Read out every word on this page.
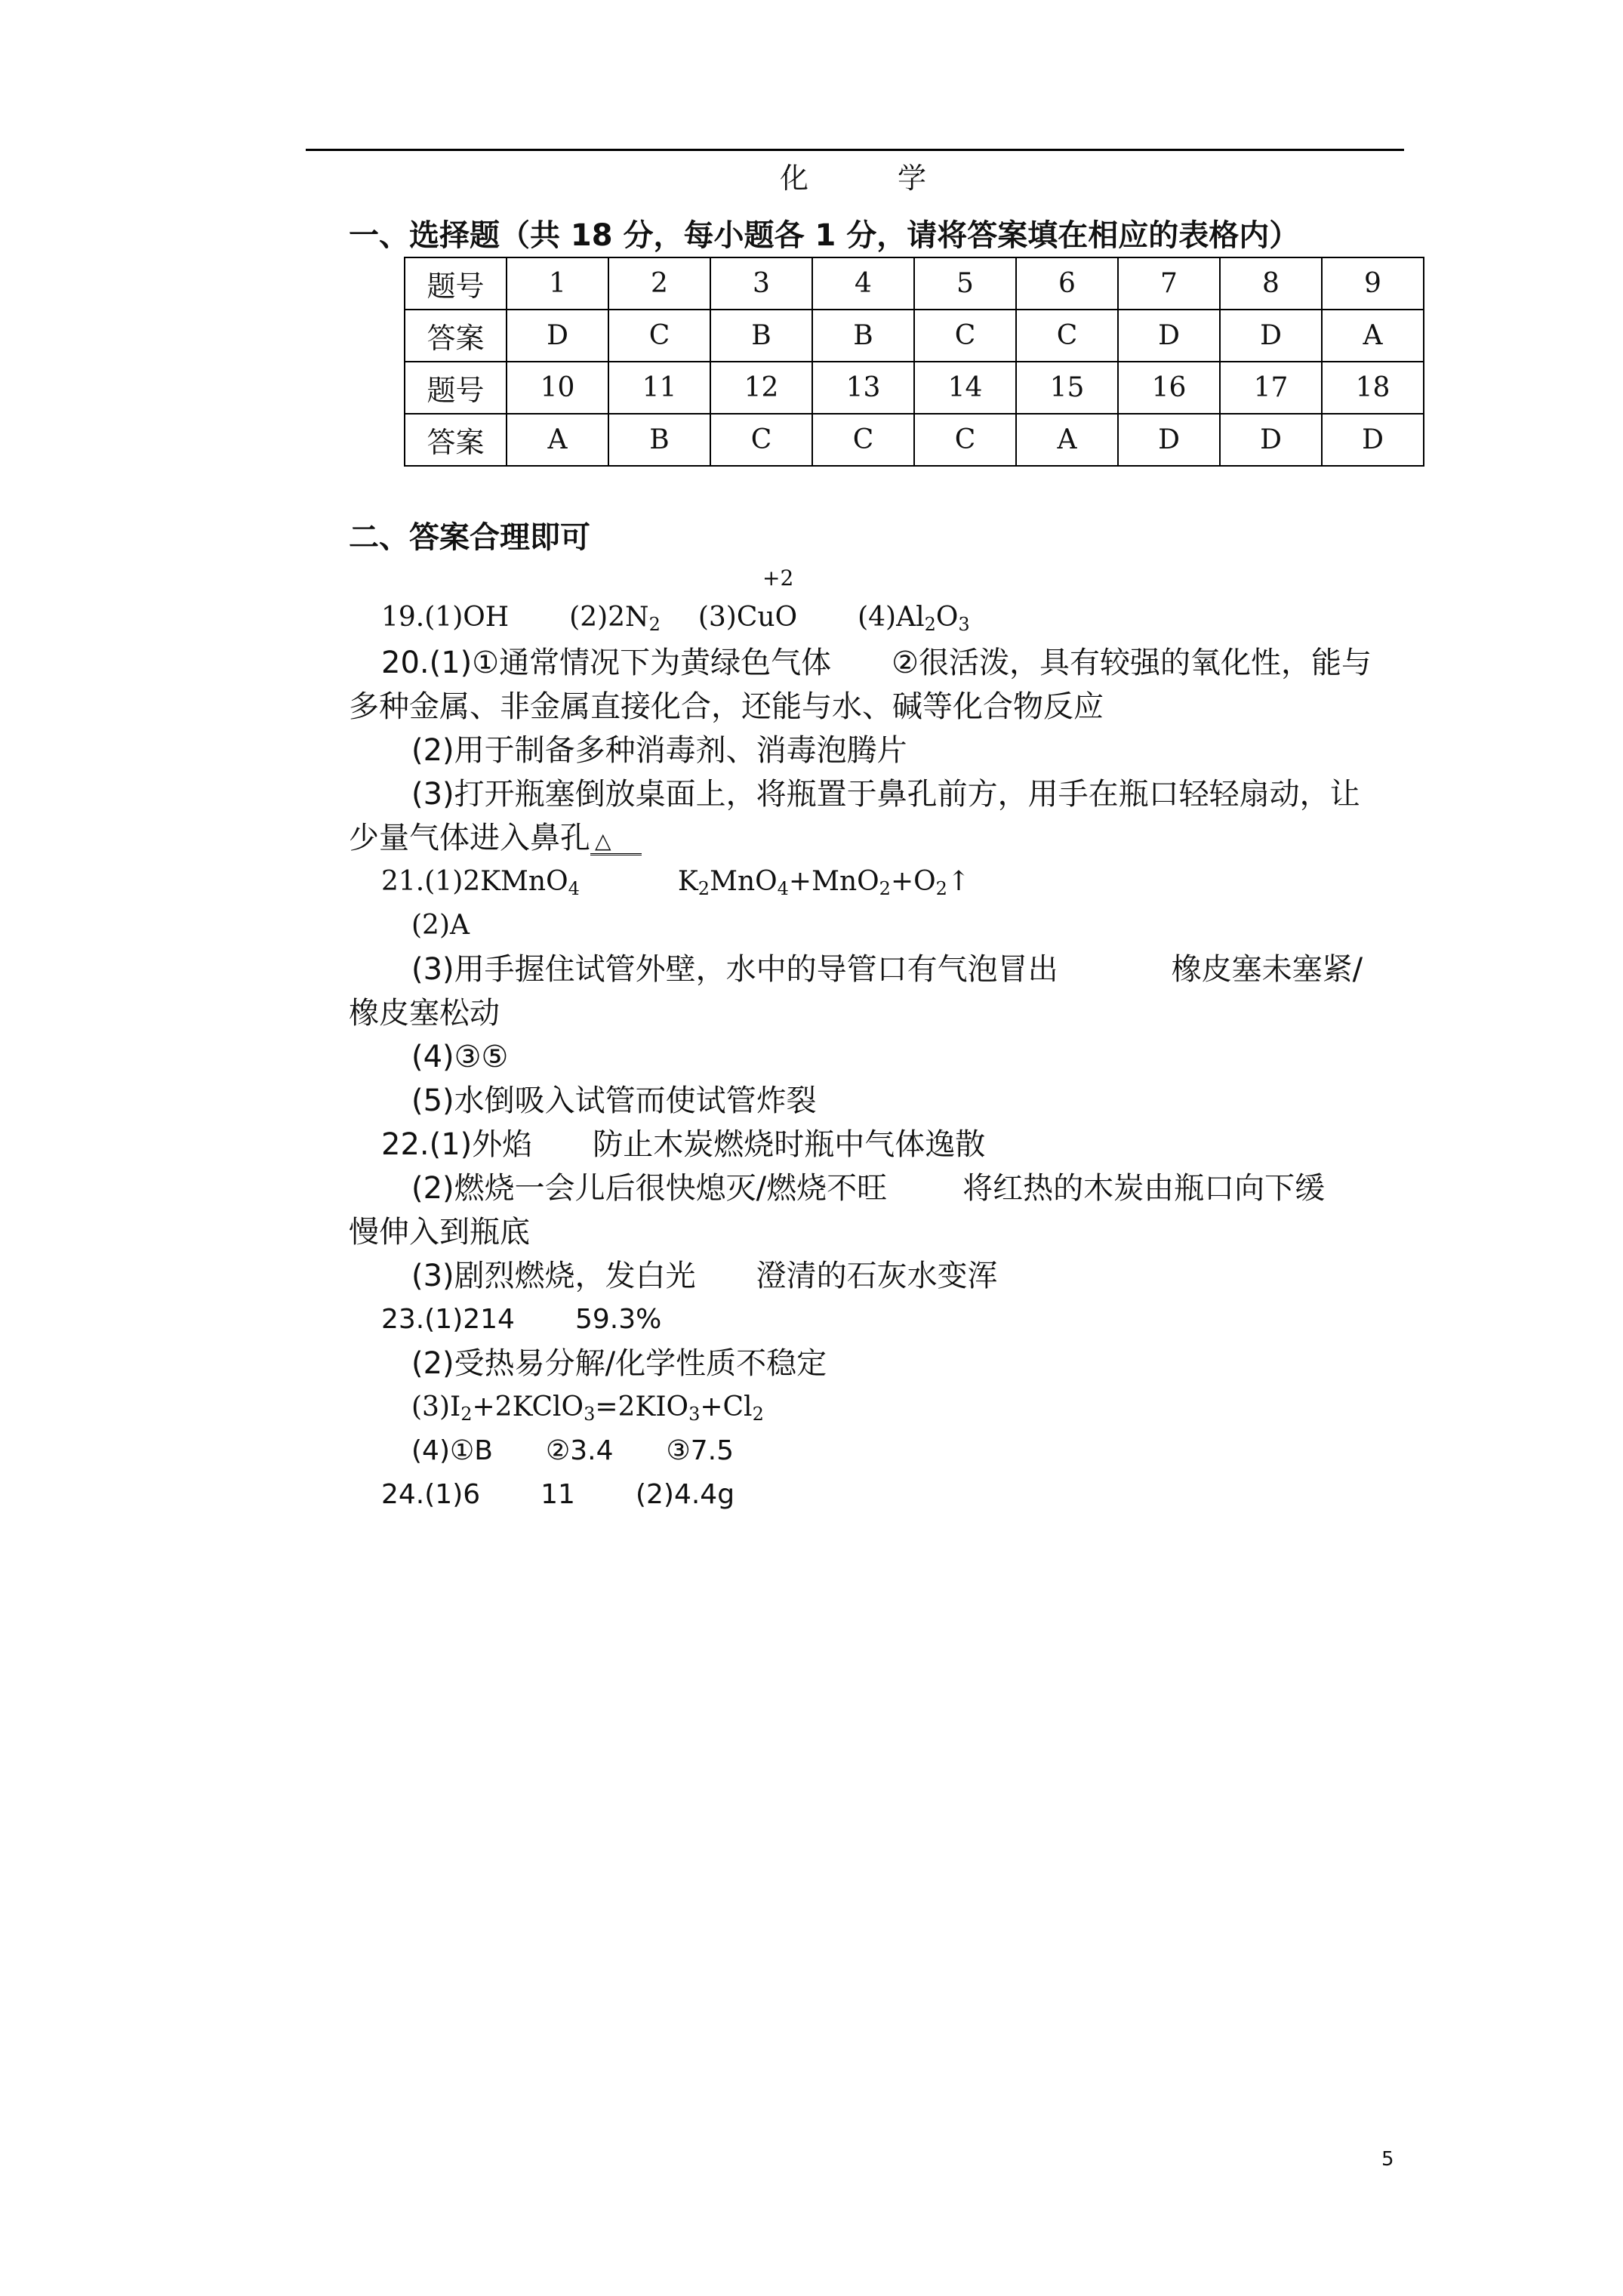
化　学
一、选择题（共 18 分，每小题各 1 分，请将答案填在相应的表格内）
题号	1	2	3	4	5	6	7	8	9
答案	D	C	B	B	C	C	D	D	A
题号	10	11	12	13	14	15	16	17	18
答案	A	B	C	C	C	A	D	D	D
二、答案合理即可
+2
19.(1)OH $(2)2N_2$ (3)CuO $(4)Al_2O_3$
20.(1)①通常情况下为黄绿色气体 ②很活泼，具有较强的氧化性，能与
多种金属、非金属直接化合，还能与水、碱等化合物反应
(2)用于制备多种消毒剂、消毒泡腾片
(3)打开瓶塞倒放桌面上，将瓶置于鼻孔前方，用手在瓶口轻轻扇动，让
少量气体进入鼻孔 △
21.(1)2KMnO$_4$	$K_2MnO_4+MnO_2+O_2↑$
(2)A
(3)用手握住试管外壁，水中的导管口有气泡冒出	橡皮塞未塞紧/
橡皮塞松动
(4)③⑤
(5)水倒吸入试管而使试管炸裂
22.(1)外焰 防止木炭燃烧时瓶中气体逸散
(2)燃烧一会儿后很快熄灭/燃烧不旺	将红热的木炭由瓶口向下缓
慢伸入到瓶底
(3)剧烈燃烧，发白光 澄清的石灰水变浑
23.(1)214 59.3%
(2)受热易分解/化学性质不稳定
$(3)I_2+2KClO_3=2KIO_3+Cl_2$
(4)①B ②3.4 ③7.5
24.(1)6 11 (2)4.4g
5
